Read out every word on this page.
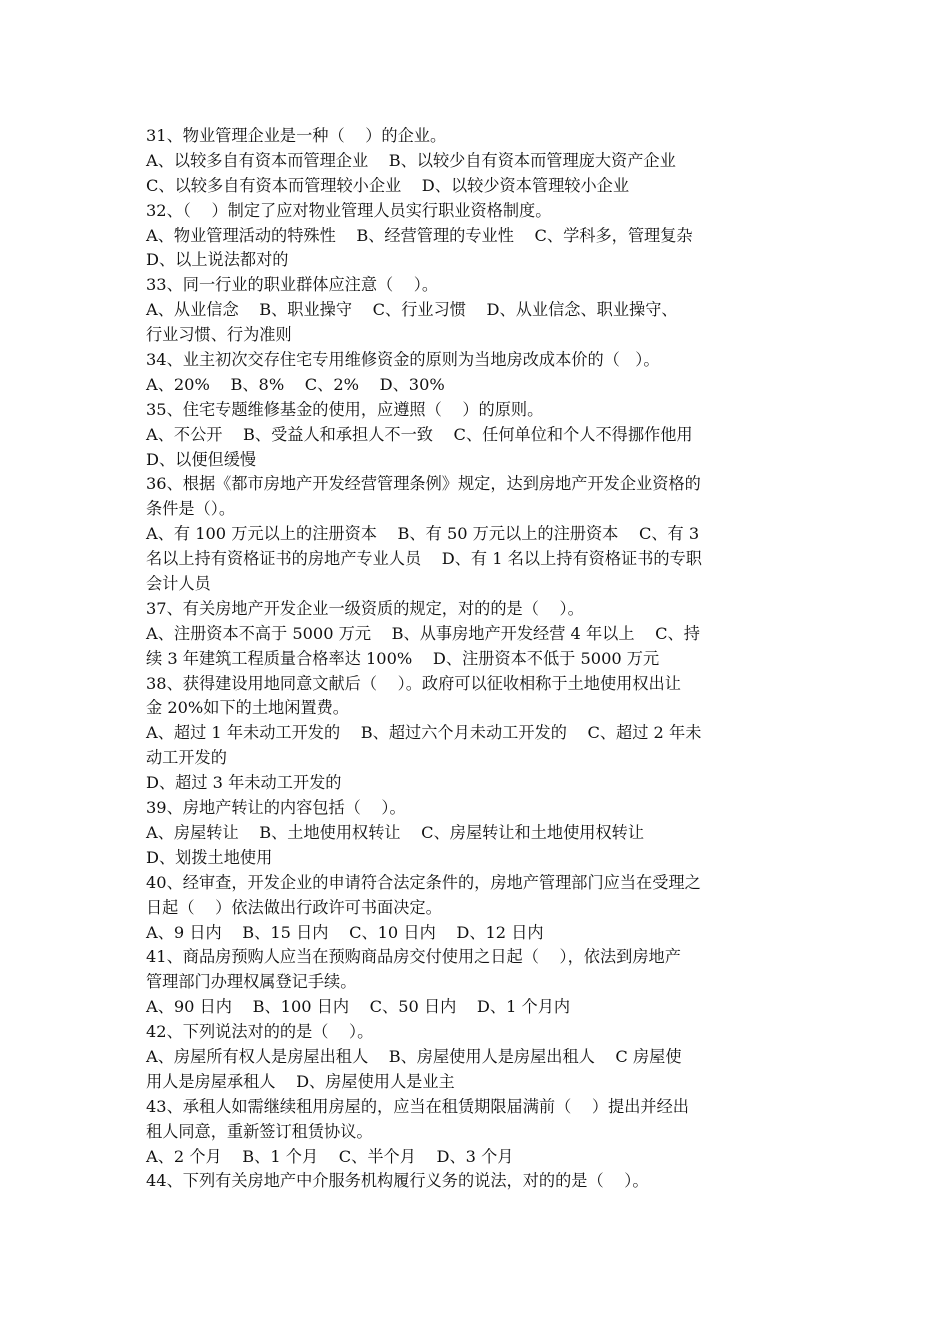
31、物业管理企业是一种（    ）的企业。
A、以较多自有资本而管理企业    B、以较少自有资本而管理庞大资产企业
C、以较多自有资本而管理较小企业    D、以较少资本管理较小企业
32、（    ）制定了应对物业管理人员实行职业资格制度。
A、物业管理活动的特殊性    B、经营管理的专业性    C、学科多，管理复杂
D、以上说法都对的
33、同一行业的职业群体应注意（    ）。
A、从业信念    B、职业操守    C、行业习惯    D、从业信念、职业操守、
行业习惯、行为准则
34、业主初次交存住宅专用维修资金的原则为当地房改成本价的（   ）。
A、20%    B、8%    C、2%    D、30%
35、住宅专题维修基金的使用，应遵照（    ）的原则。
A、不公开    B、受益人和承担人不一致    C、任何单位和个人不得挪作他用
D、以便但缓慢
36、根据《都市房地产开发经营管理条例》规定，达到房地产开发企业资格的
条件是（）。
A、有 100 万元以上的注册资本    B、有 50 万元以上的注册资本    C、有 3
名以上持有资格证书的房地产专业人员    D、有 1 名以上持有资格证书的专职
会计人员
37、有关房地产开发企业一级资质的规定，对的的是（    ）。
A、注册资本不高于 5000 万元    B、从事房地产开发经营 4 年以上    C、持
续 3 年建筑工程质量合格率达 100%    D、注册资本不低于 5000 万元
38、获得建设用地同意文献后（    ）。政府可以征收相称于土地使用权出让
金 20%如下的土地闲置费。
A、超过 1 年未动工开发的    B、超过六个月未动工开发的    C、超过 2 年未
动工开发的
D、超过 3 年未动工开发的
39、房地产转让的内容包括（    ）。
A、房屋转让    B、土地使用权转让    C、房屋转让和土地使用权转让
D、划拨土地使用
40、经审查，开发企业的申请符合法定条件的，房地产管理部门应当在受理之
日起（    ）依法做出行政许可书面决定。
A、9 日内    B、15 日内    C、10 日内    D、12 日内
41、商品房预购人应当在预购商品房交付使用之日起（    ），依法到房地产
管理部门办理权属登记手续。
A、90 日内    B、100 日内    C、50 日内    D、1 个月内
42、下列说法对的的是（    ）。
A、房屋所有权人是房屋出租人    B、房屋使用人是房屋出租人    C 房屋使
用人是房屋承租人    D、房屋使用人是业主
43、承租人如需继续租用房屋的，应当在租赁期限届满前（    ）提出并经出
租人同意，重新签订租赁协议。
A、2 个月    B、1 个月    C、半个月    D、3 个月
44、下列有关房地产中介服务机构履行义务的说法，对的的是（    ）。
